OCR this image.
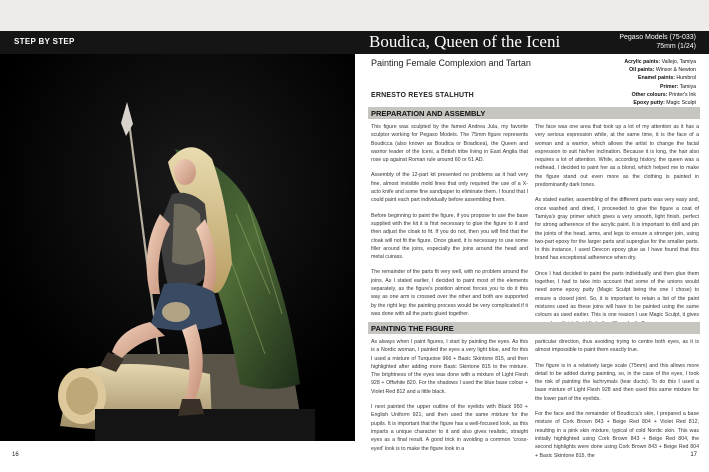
STEP BY STEP	Boudica, Queen of the Iceni	Pegaso Models (75-033)
75mm (1/24)
Painting Female Complexion and Tartan	Acrylic paints: Vallejo, Tamiya
Oil paints: Winsor & Newton
Enamel paints: Humbrol
Primer: Tamiya
Other colours: Printer's Ink
Epoxy putty: Magic Sculpt
ERNESTO REYES STALHUTH
PREPARATION AND ASSEMBLY

This figure was sculpted by the famed Andrea Jula, my favorite sculptor working for Pegaso Models. The 75mm figure represents Boudicca (also known as Boudica or Boadicea), the Queen and warrior leader of the Iceni, a British tribe living in East Anglia that rose up against Roman rule around 60 or 61 AD.

Assembly of the 12-part kit presented no problems as it had very fine, almost invisible mold lines that only required the use of a X-acto knife and some fine sandpaper to eliminate them. I found that I could paint each part individually before assembling them.

Before beginning to paint the figure, if you propose to use the base supplied with the kit it is first necessary to glue the figure to it and then adjust the cloak to fit. If you do not, then you will find that the cloak will not fit the figure. Once glued, it is necessary to use some filler around the joins, especially the joins around the head and metal cuirass.

The remainder of the parts fit very well, with no problem around the joins. As I stated earlier, I decided to paint most of the elements separately, as the figure's position almost forces you to do it this way as one arm is crossed over the other and both are supported by the right leg: the painting process would be very complicated if it was done with all the parts glued together.

The face was one area that took up a lot of my attention as it has a very serious expression while, at the same time, it is the face of a woman and a warrior, which allows the artist to change the facial expression to suit his/her inclination. Because it is long, the hair also requires a lot of attention. While, according history, the queen was a redhead, I decided to paint her as a blond, which helped me to make the figure stand out even more as the clothing is painted in predominantly dark tones.

As stated earlier, assembling of the different parts was very easy and, once washed and dried, I proceeded to give the figure a coat of Tamiya's gray primer which gives a very smooth, light finish, perfect for strong adherence of the acrylic paint. It is important to drill and pin the joints of the head, arms, and legs to ensure a stronger join, using two-part epoxy for the larger parts and superglue for the smaller parts. In this instance, I used Devcon epoxy glue as I have found that this brand has exceptional adherence when dry.

Once I had decided to paint the parts individually and then glue them together, I had to take into account that some of the unions would need some epoxy putty (Magic Sculpt being the one I chose) to ensure a closed joint. So, it is important to retain a list of the paint mixtures used as these joins will have to be painted using the same colours as used earlier. This is one reason I use Magic Sculpt, it gives

PAINTING THE FIGURE

As always when I paint figures, I start by painting the eyes. As this is a Nordic woman, I painted the eyes a very light blue, and for this I used a mixture of Turquoise 966 + Basic Skintone 815, and then highlighted after adding more Basic Skintone 815 to the mixture. The brightness of the eyes was done with a mixture of Light Flesh 928 + Offwhite 820. For the shadows I used the blue base colour + Violet Red 812 and a little black.

I next painted the upper outline of the eyelids with Black 950 + English Uniform 921, and then used the same mixture for the pupils. It is important that the figure has a well-focused look, as this imparts a unique character to it and also gives realistic, straight eyes as a final result. A good trick in avoiding a common 'cross-eyed' look is to make the figure look in a

particular direction, thus avoiding trying to centre both eyes, as it is almost impossible to paint them exactly true.

The figure is in a relatively large scale (75mm) and this allows more detail to be added during painting, so, in the case of the eyes, I took the risk of painting the lachrymals (tear ducts). To do this I used a base mixture of Light Flesh 928 and then used this same mixture for the lower part of the eyelids.

For the face and the remainder of Boudicca's skin, I prepared a base mixture of Cork Brown 843 + Beige Red 804 + Violet Red 812, resulting in a pink skin mixture, typical of cold Nordic skin. This was initially highlighted using Cork Brown 843 + Beige Red 804, the second highlights were done using Cork Brown 843 + Beige Red 804 + Basic Skintone 815, the

16	17
